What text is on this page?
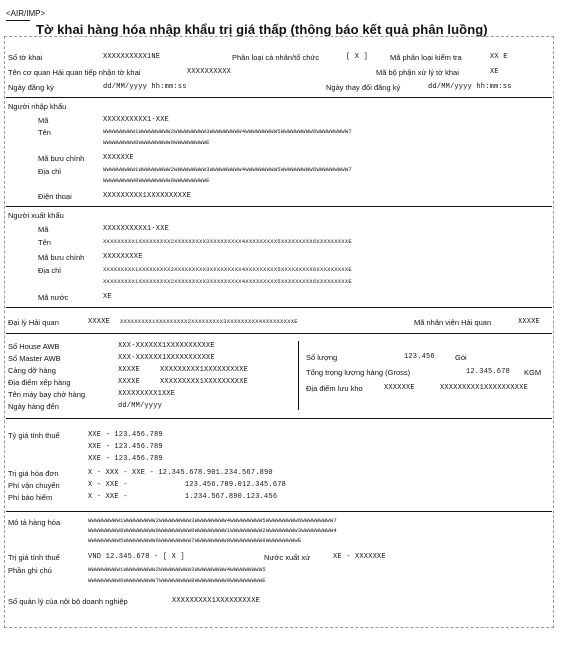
<AIR/IMP>
Tờ khai hàng hóa nhập khẩu trị giá thấp (thông báo kết quả phân luồng)
Số tờ khai	XXXXXXXXXX1NE	Phân loại cá nhân/tổ chức	[ X ]	Mã phân loại kiểm tra	XX E
Tên cơ quan Hải quan tiếp nhận tờ khai	XXXXXXXXXX	Mã bộ phận xử lý tờ khai	XE
Ngày đăng ký	dd/MM/yyyy hh:mm:ss	Ngày thay đổi đăng ký	dd/MM/yyyy hh:mm:ss
Người nhập khẩu
Mã	XXXXXXXXXX1-XXE
Tên	WWWWWWWWW1WWWWWWWWW2WWWWWWWWW3WWWWWWWWW4WWWWWWWWW5WWWWWWWWW6WWWWWWWWW7
WWWWWWWWW8WWWWWWWWW9WWWWWWWWWE
Mã bưu chính	XXXXXXE
Địa chỉ	WWWWWWWWW1WWWWWWWWW2WWWWWWWWW3WWWWWWWWW4WWWWWWWWW5WWWWWWWWW6WWWWWWWWW7
WWWWWWWWW8WWWWWWWWW9WWWWWWWWWE
Điện thoại	XXXXXXXXX1XXXXXXXXXE
Người xuất khẩu
Mã	XXXXXXXXXX1-XXE
Tên	XXXXXXXXX1XXXXXXXXX2XXXXXXXXX3XXXXXXXXX4XXXXXXXXX5XXXXXXXXX6XXXXXXXXXE
Mã bưu chính	XXXXXXXXE
Địa chỉ	XXXXXXXXX1XXXXXXXXX2XXXXXXXXX3XXXXXXXXX4XXXXXXXXX5XXXXXXXXX6XXXXXXXXXE
XXXXXXXXX1XXXXXXXXX2XXXXXXXXX3XXXXXXXXX4XXXXXXXXX5XXXXXXXXX6XXXXXXXXXE
Mã nước	XE
Đại lý Hải quan	XXXXE XXXXXXXXX1XXXXXXXXX2XXXXXXXXX3XXXXXXXXX4XXXXXXXXXE	Mã nhân viên Hải quan	XXXXE
Số House AWB	XXX-XXXXXX1XXXXXXXXXXE
Số Master AWB	XXX-XXXXXX1XXXXXXXXXXE
Cảng dỡ hàng	XXXXE	XXXXXXXXX1XXXXXXXXXE
Địa điểm xếp hàng	XXXXE	XXXXXXXXX1XXXXXXXXXE
Tên máy bay chở hàng	XXXXXXXXX1XXE
Ngày hàng đến	dd/MM/yyyy
Số lượng	123.456	Gói
Tổng trọng lượng hàng (Gross)	12.345.678 KGM
Địa điểm lưu kho	XXXXXXE	XXXXXXXXX1XXXXXXXXXE
Tỷ giá tính thuế	XXE - 123.456.789
XXE - 123.456.789
XXE - 123.456.789
Trị giá hóa đơn	X - XXX - XXE - 12.345.678.901.234.567.890
Phí vận chuyển	X - XXE -             123.456.789.012.345.678
Phí bảo hiểm	X - XXE -             1.234.567.890.123.456
Mô tả hàng hóa	WWWWWWWWW1WWWWWWWWW2WWWWWWWWW3WWWWWWWWW4WWWWWWWWW5WWWWWWWWW6WWWWWWWWW7
WWWWWWWWW8WWWWWWWWW9WWWWWWWWW0WWWWWWWWW1WWWWWWWWW2WWWWWWWWW3WWWWWWWWW4
WWWWWWWWW5WWWWWWWWW6WWWWWWWWW7WWWWWWWWW8WWWWWWWWW9WWWWWWWWWE
Trị giá tính thuế	VND 12.345.678 - [ X ]	Nước xuất xứ	XE - XXXXXXE
Phần ghi chú	WWWWWWWWW1WWWWWWWWW2WWWWWWWWW3WWWWWWWWW4WWWWWWWWW5
WWWWWWWWW6WWWWWWWWW7WWWWWWWWW8WWWWWWWWW9WWWWWWWWWE
Số quản lý của nội bộ doanh nghiệp	XXXXXXXXX1XXXXXXXXXE
